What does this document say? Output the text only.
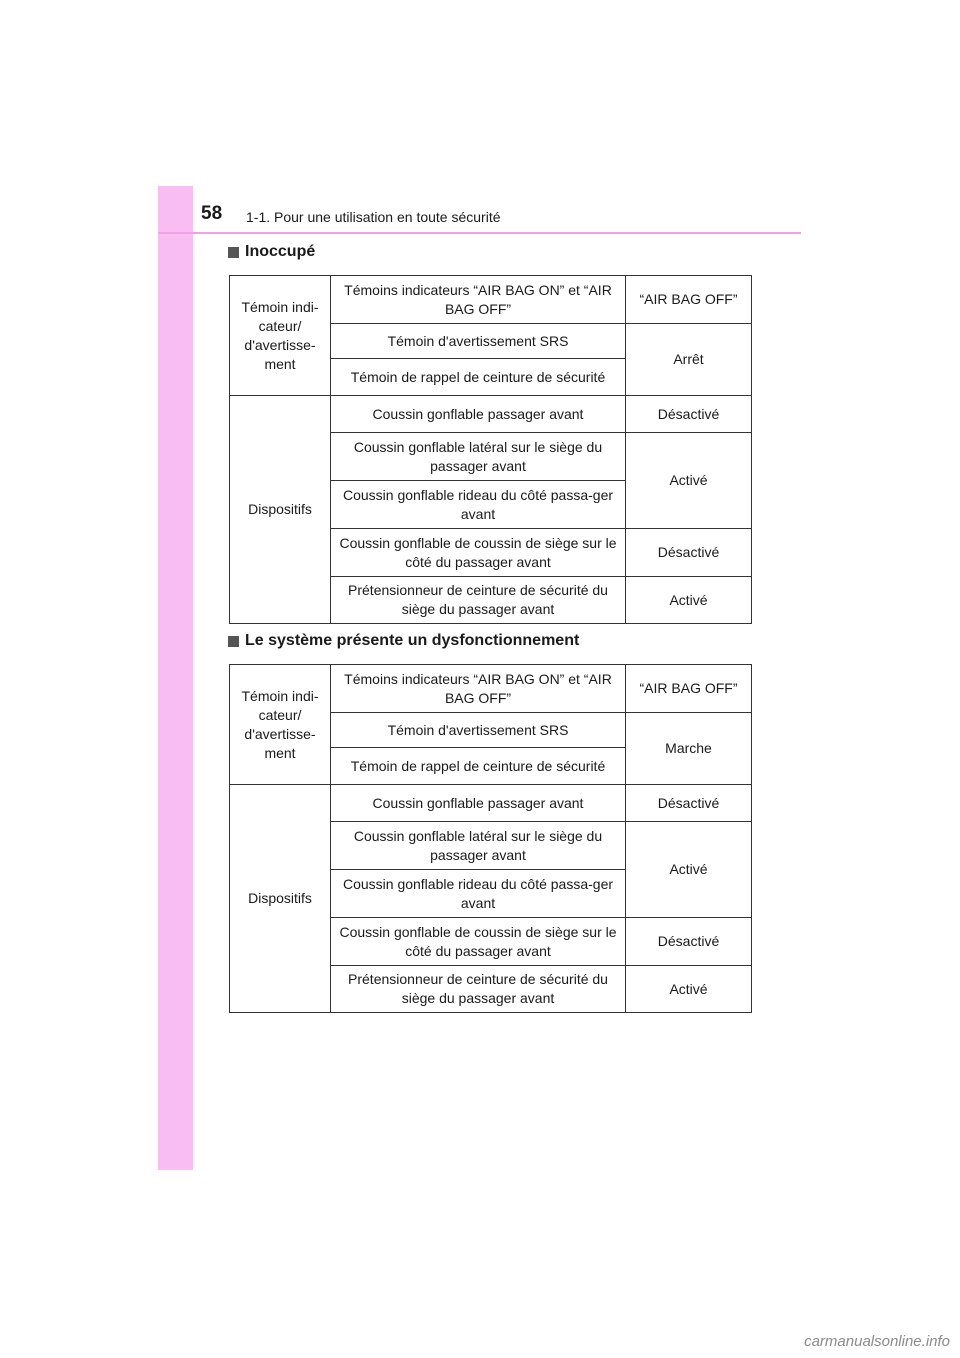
58 1-1. Pour une utilisation en toute sécurité
Inoccupé
Témoin indi-cateur/ d'avertisse-ment	Témoins indicateurs “AIR BAG ON” et “AIR BAG OFF”	“AIR BAG OFF”
	Témoin d'avertissement SRS	Arrêt
	Témoin de rappel de ceinture de sécurité	
Dispositifs	Coussin gonflable passager avant	Désactivé
	Coussin gonflable latéral sur le siège du passager avant	Activé
	Coussin gonflable rideau du côté passa-ger avant	
	Coussin gonflable de coussin de siège sur le côté du passager avant	Désactivé
	Prétensionneur de ceinture de sécurité du siège du passager avant	Activé
Le système présente un dysfonctionnement
Témoin indi-cateur/ d'avertisse-ment	Témoins indicateurs “AIR BAG ON” et “AIR BAG OFF”	“AIR BAG OFF”
	Témoin d'avertissement SRS	Marche
	Témoin de rappel de ceinture de sécurité	
Dispositifs	Coussin gonflable passager avant	Désactivé
	Coussin gonflable latéral sur le siège du passager avant	Activé
	Coussin gonflable rideau du côté passa-ger avant	
	Coussin gonflable de coussin de siège sur le côté du passager avant	Désactivé
	Prétensionneur de ceinture de sécurité du siège du passager avant	Activé
carmanualsonline.info
